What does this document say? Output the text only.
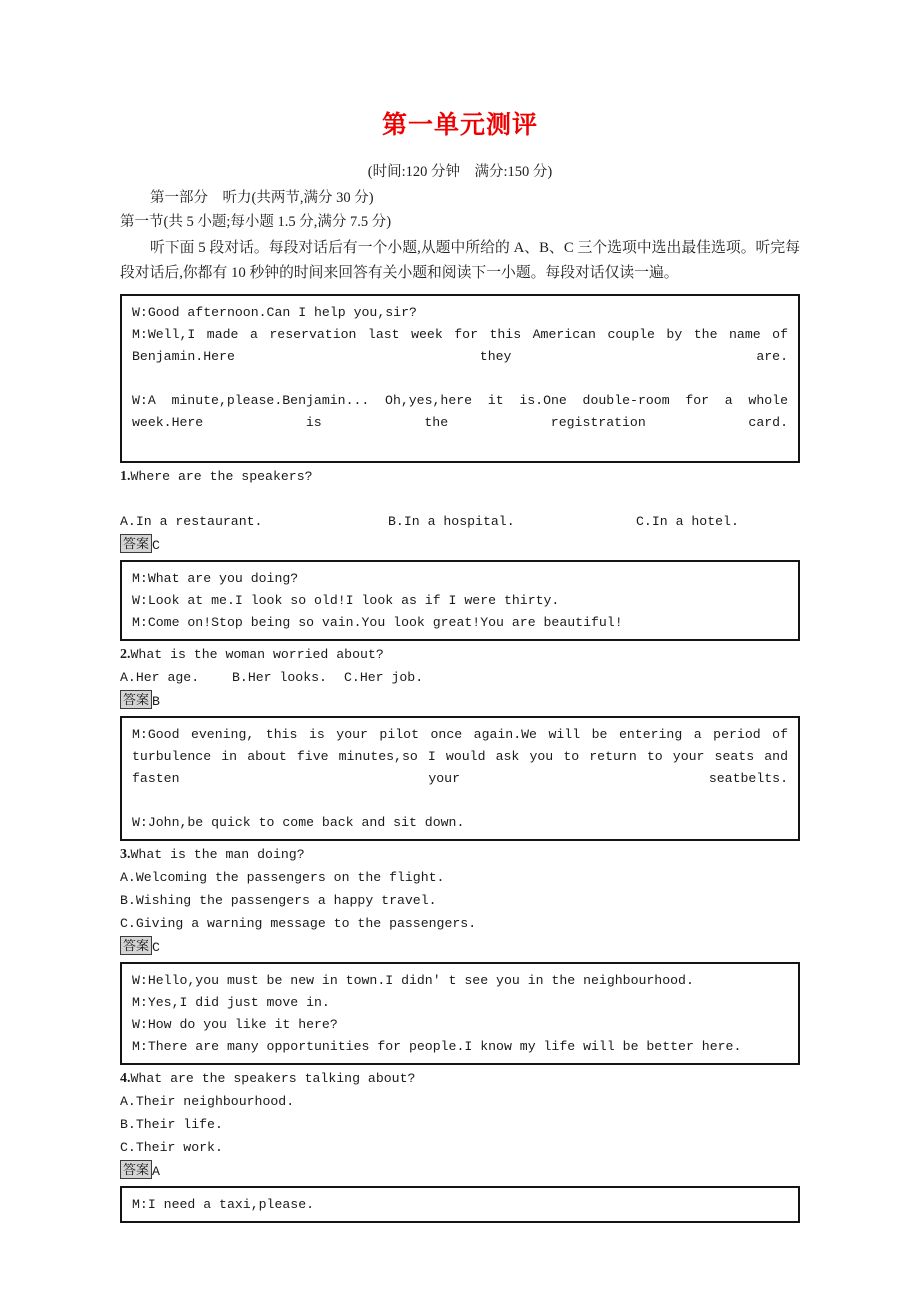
第一单元测评
(时间:120 分钟　满分:150 分)
第一部分　听力(共两节,满分 30 分)
第一节(共 5 小题;每小题 1.5 分,满分 7.5 分)
听下面 5 段对话。每段对话后有一个小题,从题中所给的 A、B、C 三个选项中选出最佳选项。听完每段对话后,你都有 10 秒钟的时间来回答有关小题和阅读下一小题。每段对话仅读一遍。
W:Good afternoon.Can I help you,sir?
M:Well,I made a reservation last week for this American couple by the name of Benjamin.Here they are.
W:A minute,please.Benjamin... Oh,yes,here it is.One double-room for a whole week.Here is the registration card.
1.Where are the speakers?
A.In a restaurant.	B.In a hospital.	C.In a hotel.
答案 C
M:What are you doing?
W:Look at me.I look so old!I look as if I were thirty.
M:Come on!Stop being so vain.You look great!You are beautiful!
2.What is the woman worried about?
A.Her age. B.Her looks. C.Her job.
答案 B
M:Good evening, this is your pilot once again.We will be entering a period of turbulence in about five minutes,so I would ask you to return to your seats and fasten your seatbelts.
W:John,be quick to come back and sit down.
3.What is the man doing?
A.Welcoming the passengers on the flight.
B.Wishing the passengers a happy travel.
C.Giving a warning message to the passengers.
答案 C
W:Hello,you must be new in town.I didn' t see you in the neighbourhood.
M:Yes,I did just move in.
W:How do you like it here?
M:There are many opportunities for people.I know my life will be better here.
4.What are the speakers talking about?
A.Their neighbourhood.
B.Their life.
C.Their work.
答案 A
M:I need a taxi,please.
